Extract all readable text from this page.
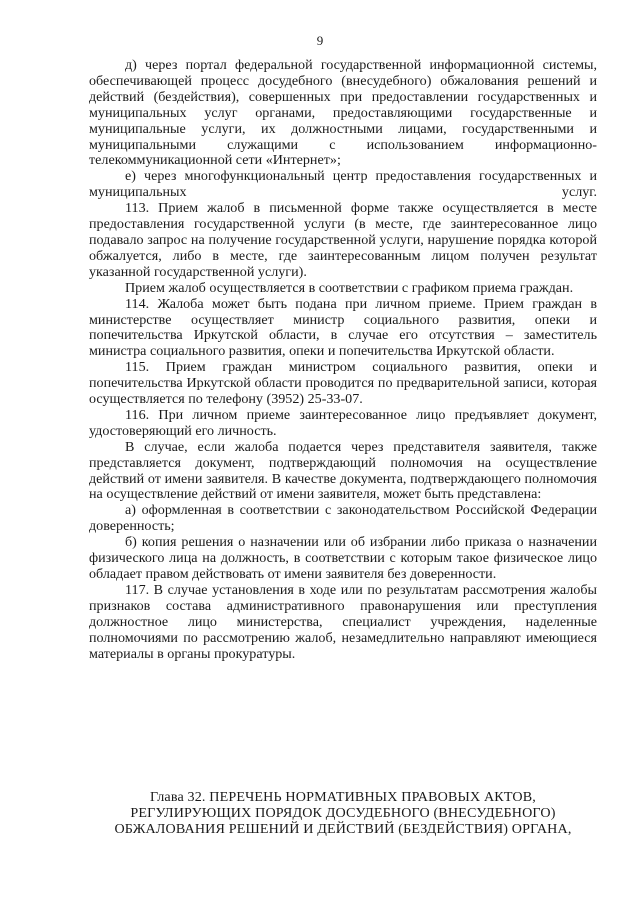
9

д) через портал федеральной государственной информационной системы, обеспечивающей процесс досудебного (внесудебного) обжалования решений и действий (бездействия), совершенных при предоставлении государственных и муниципальных услуг органами, предоставляющими государственные и муниципальные услуги, их должностными лицами, государственными и муниципальными служащими с использованием информационно-телекоммуникационной сети «Интернет»;

е) через многофункциональный центр предоставления государственных и муниципальных услуг.

113. Прием жалоб в письменной форме также осуществляется в месте предоставления государственной услуги (в месте, где заинтересованное лицо подавало запрос на получение государственной услуги, нарушение порядка которой обжалуется, либо в месте, где заинтересованным лицом получен результат указанной государственной услуги).

Прием жалоб осуществляется в соответствии с графиком приема граждан.

114. Жалоба может быть подана при личном приеме. Прием граждан в министерстве осуществляет министр социального развития, опеки и попечительства Иркутской области, в случае его отсутствия – заместитель министра социального развития, опеки и попечительства Иркутской области.

115. Прием граждан министром социального развития, опеки и попечительства Иркутской области проводится по предварительной записи, которая осуществляется по телефону (3952) 25-33-07.

116. При личном приеме заинтересованное лицо предъявляет документ, удостоверяющий его личность.

В случае, если жалоба подается через представителя заявителя, также представляется документ, подтверждающий полномочия на осуществление действий от имени заявителя. В качестве документа, подтверждающего полномочия на осуществление действий от имени заявителя, может быть представлена:

а) оформленная в соответствии с законодательством Российской Федерации доверенность;

б) копия решения о назначении или об избрании либо приказа о назначении физического лица на должность, в соответствии с которым такое физическое лицо обладает правом действовать от имени заявителя без доверенности.

117. В случае установления в ходе или по результатам рассмотрения жалобы признаков состава административного правонарушения или преступления должностное лицо министерства, специалист учреждения, наделенные полномочиями по рассмотрению жалоб, незамедлительно направляют имеющиеся материалы в органы прокуратуры.

Глава 32. ПЕРЕЧЕНЬ НОРМАТИВНЫХ ПРАВОВЫХ АКТОВ,
РЕГУЛИРУЮЩИХ ПОРЯДОК ДОСУДЕБНОГО (ВНЕСУДЕБНОГО)
ОБЖАЛОВАНИЯ РЕШЕНИЙ И ДЕЙСТВИЙ (БЕЗДЕЙСТВИЯ) ОРГАНА,
